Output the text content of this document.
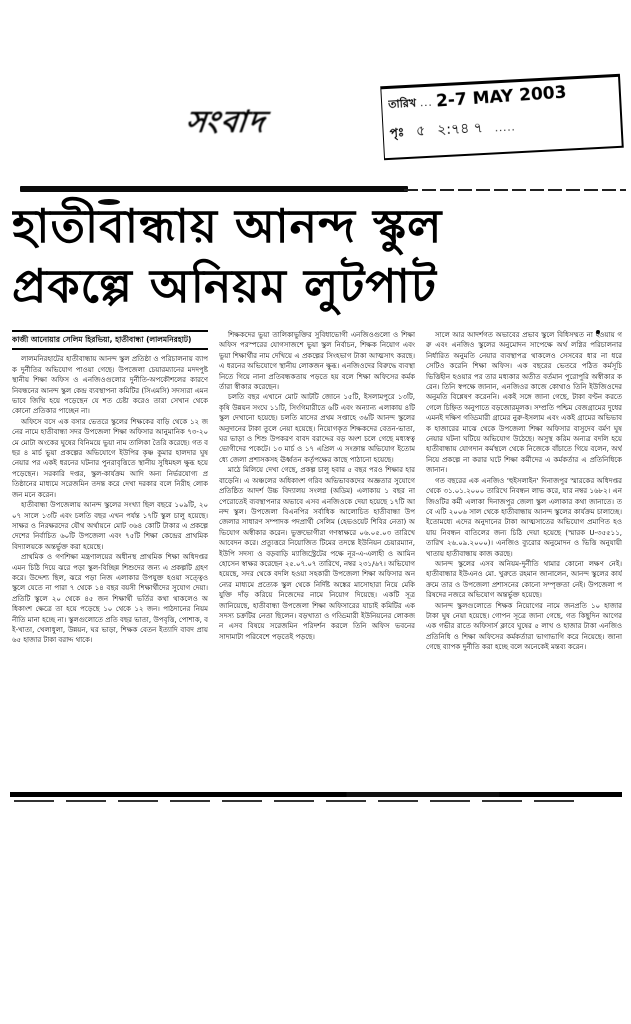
সংবাদ
তারিখ ... 2-7 MAY 2003
পৃঃ ৫ ২:৭৪ ৭ .....
হাতীবান্ধায় আনন্দ স্কুল
প্রকল্পে অনিয়ম লুটপাট
কাজী আনোয়ার সেলিম হিরভিয়া, হাতীবান্ধা (লালমনিরহাট)

লালমনিরহাটের হাতীবান্ধায় আনন্দ স্কুল প্রতিষ্ঠা ও পরিচালনায় ব্যাপক দুর্নীতির অভিযোগ পাওয়া গেছে। উপজেলা চেয়ারম্যানের মদদপুষ্ট স্থানীয় শিক্ষা অফিস ও এনজিওগুলোর দুর্নীতি-অপকৌশলের কারণে নিবন্ধনের আনন্দ স্কুল কেন্দ্র ব্যবস্থাপনা কমিটির (সিএমসি) সদস্যরা এমনভাবে জিম্মি হয়ে পড়েছেন যে শত চেষ্টা করেও তারা সেখান থেকে কোনো প্রতিকার পাচ্ছেন না।

অফিসে বসে এক বসার ভেতরে স্কুলের শিক্ষকের বাড়ি থেকে ১২ জনের নামে হাতীবান্ধা সদর উপজেলা শিক্ষা অফিসার আনুমানিক ৭৩-২০ মে মোটা অংকের ঘুষের বিনিময়ে ভুয়া নাম তালিকা তৈরি করেছে। গত বছর ৪ মার্চ ভুয়া প্রকল্পের অভিযোগে ইউপির কৃষ্ণ কুমার হালদার ঘুষ নেয়ার পর একই ধরনের ঘটনার পুনরাবৃত্তিতে স্থানীয় সুধিমহল ক্ষুব্ধ হয়ে পড়েছেন। সরকারি দপ্তর, স্কুল-কার্যক্রম আদি অন্য নির্ভরযোগ্য প্রতিষ্ঠানের মাধ্যমে সরেজমিন তদন্ত করে দেখা দরকার বলে নিরীহ লোকজন মনে করেন।

হাতীবান্ধা উপজেলায় আনন্দ স্কুলের সংখ্যা ছিল বছরে ১০৯টি, ২০০৭ সালে ১৩টি এবং চলতি বছর এখন পর্যন্ত ১৭টি স্কুল চালু হয়েছে। সাক্ষর ও নিরক্ষরদের যৌথ অর্থায়নে মোট ৩৬৪ কোটি টাকার এ প্রকল্পে দেশের নির্বাচিত ৬০টি উপজেলা এবং ৭৫টি শিক্ষা কেন্দ্রের প্রাথমিক বিদ্যালয়কে অন্তর্ভুক্ত করা হয়েছে।

প্রাথমিক ও গণশিক্ষা মন্ত্রণালয়ের অধীনস্থ প্রাথমিক শিক্ষা অধিদপ্তর এমন চিঠি দিয়ে ঝরে পড়া স্কুল-বিচ্ছিন্ন শিশুদের জন্য এ প্রকল্পটি গ্রহণ করে। উদ্দেশ্য ছিল, ঝরে পড়া নিজ এলাকার উপযুক্ত হওয়া সত্ত্বেও স্কুলে যেতে না পারা ৭ থেকে ১৪ বছর বয়সী শিক্ষার্থীদের সুযোগ দেয়া। প্রতিটি স্কুলে ২০ থেকে ৪৫ জন শিক্ষার্থী ভর্তির কথা থাকলেও অধিকাংশ ক্ষেত্রে তা হয়ে পড়েছে ১০ থেকে ১২ জন। পাঠদানের নিয়মনীতি মানা হচ্ছে না। স্কুলগুলোতে প্রতি বছর ভাতা, উপবৃত্তি, পোশাক, বই-খাতা, খেলাধুলা, উন্নয়ন, ঘর ভাড়া, শিক্ষক বেতন ইত্যাদি বাবদ প্রায় ৬৫ হাজার টাকা বরাদ্দ থাকে।

শিক্ষকদের ভুয়া তালিকাভুক্তির সুবিধাভোগী এনজিওগুলো ও শিক্ষা অফিস পরস্পরের যোগসাজশে ভুয়া স্কুল নির্বাচন, শিক্ষক নিয়োগ এবং ভুয়া শিক্ষার্থীর নাম দেখিয়ে এ প্রকল্পের সিংহভাগ টাকা আত্মসাৎ করছে। এ ধরনের অভিযোগে স্থানীয় লোকজন ক্ষুব্ধ। এনজিওদের বিরুদ্ধে ব্যবস্থা নিতে গিয়ে নানা প্রতিবন্ধকতায় পড়তে হয় বলে শিক্ষা অফিসের কর্মকর্তারা স্বীকার করেছেন।

চলতি বছর এখানে মোট আটটি জোনে ১৫টি, ইসলামপুরে ১৩টি, কৃষি উন্নয়ন সংঘে ১১টি, সিংগিমারীতে ৬টি এবং অন্যান্য এলাকায় ৪টি স্কুল দেখানো হয়েছে। চলতি মাসের প্রথম সপ্তাহে ৩৬টি আনন্দ স্কুলের অনুদানের টাকা তুলে নেয়া হয়েছে। নিয়োগকৃত শিক্ষকদের বেতন-ভাতা, ঘর ভাড়া ও শিশু উপকরণ বাবদ বরাদ্দের বড় অংশ চলে গেছে মধ্যস্বত্বভোগীদের পকেটে। ১৩ মার্চ ও ১৭ এপ্রিল এ সংক্রান্ত অভিযোগ ইতোমধ্যে জেলা প্রশাসকসহ ঊর্ধ্বতন কর্তৃপক্ষের কাছে পাঠানো হয়েছে।

মাঠে মিলিয়ে দেখা গেছে, প্রকল্প চালু হবার ৫ বছর পরও শিক্ষার হার বাড়েনি। এ অঞ্চলের অধিকাংশ গরিব অভিভাবকদের অজ্ঞতার সুযোগে প্রতিষ্ঠিত আদর্শ উচ্চ বিদ্যালয় সংলগ্ন (অডিম) এলাকায় ১ বছর না পেরোতেই ব্যবস্থাপনার অভাবে এসব এনজিওকে দেয়া হয়েছে ১৭টি আনন্দ স্কুল। উপজেলা বিএনপির সর্বাধিক আলোচিত হাতীবান্ধা উপজেলার সাধারণ সম্পাদক পদপ্রার্থী সেলিম (হেভওয়েট শিবির নেতা) অভিযোগ অস্বীকার করেন। ভুক্তভোগীরা গণস্বাক্ষরে ০৬.০৫.০৩ তারিখে আবেদন করে। প্রত্যুত্তরে নিয়োজিত টিমের তদন্তে ইউনিয়ন চেয়ারম্যান, ইউপি সদস্য ও বড়বাড়ি ম্যাজিস্ট্রেটের পক্ষে নূর-এ-এলাহী ও আমিন হোসেন স্বাক্ষর করেছেন ২৫.০৭.০৭ তারিখে, নম্বর ২৩১/৬৭। অভিযোগ হয়েছে, সদর থেকে বদলি হওয়া সহকারী উপজেলা শিক্ষা অফিসার অনন্যের মাধ্যমে প্রত্যেক স্কুল থেকে নির্দিষ্ট অঙ্কের মাসোহারা নিয়ে মেকি যুক্তি দাঁড় করিয়ে নিজেদের নামে নিয়োগ দিয়েছে। একটি সূত্র জানিয়েছে, হাতীবান্ধা উপজেলা শিক্ষা অফিসারের যাচাই কমিটির এক সদস্য চক্রটির নেতা ছিলেন। বড়খাতা ও গড্ডিমারী ইউনিয়নের লোকজন এসব বিষয়ে সরেজমিন পরিদর্শন করলে তিনি অফিস ভবনের সাদামাটা পরিবেশে পড়তেই পড়ছে।

সালে আর আদর্শগত অভাবের প্রভাব স্কুলে বিধিসম্মত না হওয়ায় গরু এবং এনজিও স্কুলের অনুমোদন সাপেক্ষে অর্থ লগ্নির পরিচালনার নির্ধারিত অনুমতি নেয়ার ব্যবস্থাপত্র থাকলেও সেসবের ধার না ধরে সেটিও করেনি শিক্ষা অফিস। এক বছরের ভেতরে পঠিত কর্মসূচি ভিত্তিহীন হওয়ার পর তার মধ্যকার অতীত বর্তমান পুরোপুরি অস্বীকার করেন। তিনি স্বপক্ষে জানান, এনজিওর কাজে কোথাও তিনি ইউজিওদের অনুমতি বিশ্লেষণ করেননি। একই সঙ্গে জানা গেছে, টাকা বণ্টন করতে গেলে চিহ্নিত অনুপাতে বড়জোরমূলক। সম্প্রতি পশ্চিম বেজগ্রামের দুধের এমনই দক্ষিণ গড্ডিমারী গ্রামের নুরু-ইসলাম এবং একই গ্রামের অভিভাবক হাজারের মাঝে থেকে উপজেলা শিক্ষা অফিসার বাসুদেব বর্মণ ঘুষ নেয়ার ঘটনা ঘটিয়ে অভিযোগ উঠেছে। অসুস্থ করিম অন্যত্র বদলি হয়ে হাতীবান্ধায় যোগদান কর্মস্থলে থেকে নিজেকে বাঁচাতে গিয়ে বলেন, অর্থ নিয়ে প্রকল্পে না করার ঘটে শিক্ষা কর্মীদের এ কর্মকর্তার এ প্রতিনিধিকে জানান।

গত বছরের এক এনজিও 'হুইসলাইন' দিনাজপুর স্মারকের অধিদপ্তর থেকে ৩১.০১.২০০০ তারিখে নিবন্ধন লাভ করে, যার নম্বর ১৬৮২। এনজিওটির কর্মী এলাকা দিনাজপুর জেলা স্কুল এলাকার কথা জানাতে। তবে এটি ২০০৬ সাল থেকে হাতীবান্ধায় আনন্দ স্কুলের কার্যক্রম চালাচ্ছে। ইতোমধ্যে এদের অনুদানের টাকা আত্মসাতের অভিযোগ প্রমাণিত হওয়ায় নিবন্ধন বাতিলের জন্য চিঠি দেয়া হয়েছে (স্মারক U-৩৫৫১১, তারিখ ২৬.০৯.২০০০)। এনজিও ব্যুরোর অনুমোদন ও ভিত্তি অনুযায়ী খাতায় হাতীবান্ধায় কাজ করছে।

আনন্দ স্কুলের এসব অনিয়ম-দুর্নীতি থামার কোনো লক্ষণ নেই। হাতীবান্ধার ইউএনও মো. খুরুতে রহমান জানালেন, আনন্দ স্কুলের কার্যক্রমে তার ও উপজেলা প্রশাসনের কোনো সম্পৃক্ততা নেই। উপজেলা পরিষদের নজরে অভিযোগ অন্তর্ভুক্ত হয়েছে।

আনন্দ স্কুলগুলোতে শিক্ষক নিয়োগের নামে জনপ্রতি ১০ হাজার টাকা ঘুষ নেয়া হয়েছে। গোপন সূত্রে জানা গেছে, গত কিছুদিন আগের এক গভীর রাতে অফিসার্স ক্লাবে ঘুষের ৫ লাখ ও হাজার টাকা এনজিও প্রতিনিধি ও শিক্ষা অফিসের কর্মকর্তারা ভাগাভাগি করে নিয়েছে। জানা গেছে ব্যাপক দুর্নীতি করা হচ্ছে বলে অনেকেই মন্তব্য করেন।
